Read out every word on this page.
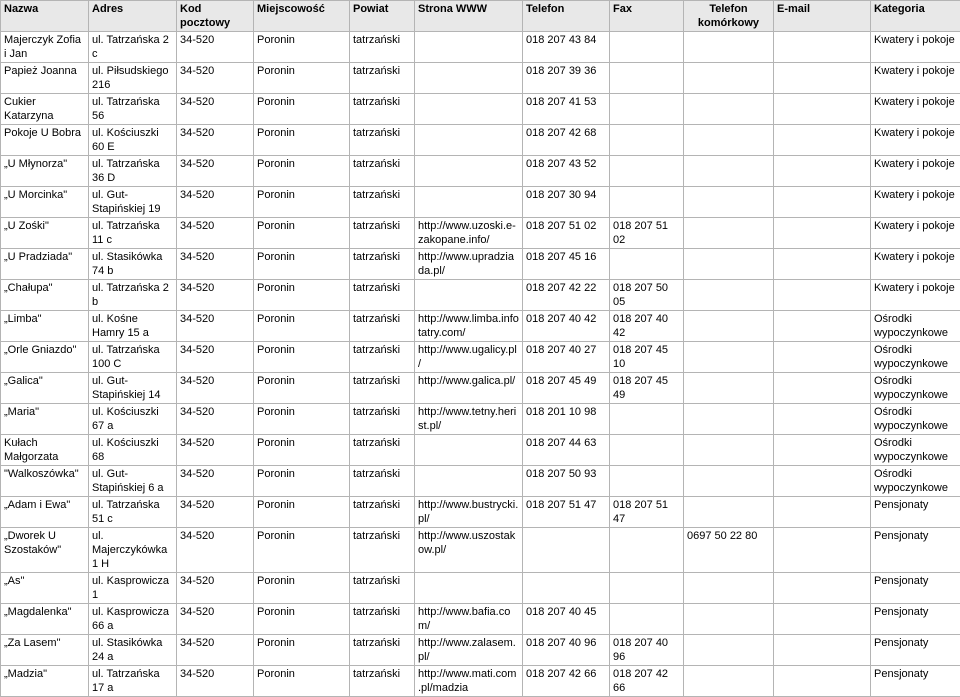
Nazwa	Adres	Kod pocztowy	Miejscowość	Powiat	Strona WWW	Telefon	Fax	Telefon komórkowy	E-mail	Kategoria
Majerczyk Zofia i Jan	ul. Tatrzańska 2 c	34-520	Poronin	tatrzański		018 207 43 84				Kwatery i pokoje
Papież Joanna	ul. Piłsudskiego 216	34-520	Poronin	tatrzański		018 207 39 36				Kwatery i pokoje
Cukier Katarzyna	ul. Tatrzańska 56	34-520	Poronin	tatrzański		018 207 41 53				Kwatery i pokoje
Pokoje U Bobra	ul. Kościuszki 60 E	34-520	Poronin	tatrzański		018 207 42 68				Kwatery i pokoje
„U Młynorza"	ul. Tatrzańska 36 D	34-520	Poronin	tatrzański		018 207 43 52				Kwatery i pokoje
„U Morcinka"	ul. Gut-Stapińskiej 19	34-520	Poronin	tatrzański		018 207 30 94				Kwatery i pokoje
„U Zośki"	ul. Tatrzańska 11 c	34-520	Poronin	tatrzański	http://www.uzoski.e-zakopane.info/	018 207 51 02	018 207 51 02			Kwatery i pokoje
„U Pradziada"	ul. Stasikówka 74 b	34-520	Poronin	tatrzański	http://www.upradziada.pl/	018 207 45 16				Kwatery i pokoje
„Chałupa"	ul. Tatrzańska 2 b	34-520	Poronin	tatrzański		018 207 42 22	018 207 50 05			Kwatery i pokoje
„Limba"	ul. Kośne Hamry 15 a	34-520	Poronin	tatrzański	http://www.limba.infotatry.com/	018 207 40 42	018 207 40 42			Ośrodki wypoczynkowe
„Orle Gniazdo"	ul. Tatrzańska 100 C	34-520	Poronin	tatrzański	http://www.ugalicy.pl/	018 207 40 27	018 207 45 10			Ośrodki wypoczynkowe
„Galica"	ul. Gut-Stapińskiej 14	34-520	Poronin	tatrzański	http://www.galica.pl/	018 207 45 49	018 207 45 49			Ośrodki wypoczynkowe
„Maria"	ul. Kościuszki 67 a	34-520	Poronin	tatrzański	http://www.tetny.herist.pl/	018 201 10 98				Ośrodki wypoczynkowe
Kułach Małgorzata	ul. Kościuszki 68	34-520	Poronin	tatrzański		018 207 44 63				Ośrodki wypoczynkowe
"Walkoszówka"	ul. Gut-Stapińskiej 6 a	34-520	Poronin	tatrzański		018 207 50 93				Ośrodki wypoczynkowe
„Adam i Ewa"	ul. Tatrzańska 51 c	34-520	Poronin	tatrzański	http://www.bustrycki.pl/	018 207 51 47	018 207 51 47			Pensjonaty
„Dworek U Szostaków"	ul. Majerczykówka 1 H	34-520	Poronin	tatrzański	http://www.uszostakow.pl/			0697 50 22 80		Pensjonaty
„As"	ul. Kasprowicza 1	34-520	Poronin	tatrzański						Pensjonaty
„Magdalenka"	ul. Kasprowicza 66 a	34-520	Poronin	tatrzański	http://www.bafia.com/	018 207 40 45				Pensjonaty
„Za Lasem"	ul. Stasikówka 24 a	34-520	Poronin	tatrzański	http://www.zalasem.pl/	018 207 40 96	018 207 40 96			Pensjonaty
„Madzia"	ul. Tatrzańska 17 a	34-520	Poronin	tatrzański	http://www.mati.com.pl/madzia	018 207 42 66	018 207 42 66			Pensjonaty
